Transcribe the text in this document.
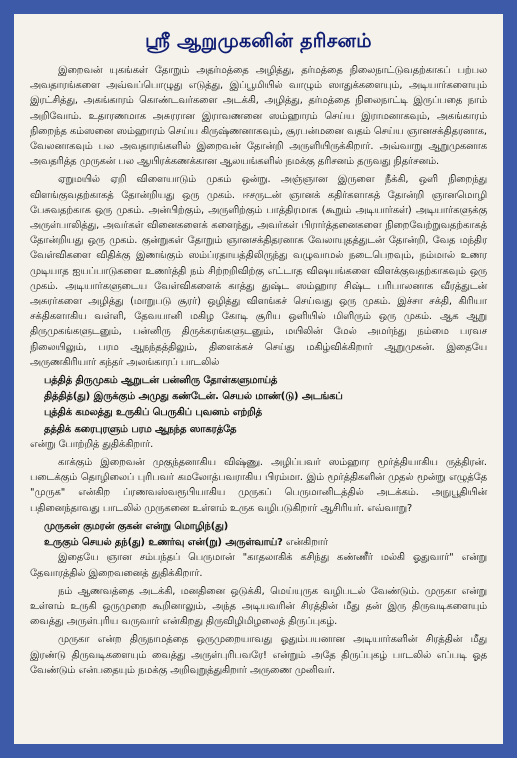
ஸ்ரீ ஆறுமுகனின் தரிசனம்

இறைவன் யுகங்கள் தோறும் அதர்மத்தை அழித்து, தர்மத்தை நிலைநாட்டுவதற்காகப் பற்பல அவதாரங்களை அவ்வப்பொழுது எடுத்து, இப்பூமியில் வாழும் ஸாதுக்களையும், அடியார்களையும் இரட்சித்து, அகங்காரம் கொண்டவர்களை அடக்கி, அழித்து, தர்மத்தை நிலைநாட்டி இருப்பதை நாம் அறிவோம். உதாரணமாக அசுரரான இராவணனை ஸம்ஹாரம் செய்ய இராமனாகவும், அகங்காரம் நிறைந்த கம்ஸனை ஸம்ஹாரம் செய்ய கிருஷ்ணனாகவும், சூரபன்மனை வதம் செய்ய ஞானசக்திதரனாக, வேலனாகவும் பல அவதாரங்களில் இறைவன் தோன்றி அருளியிருக்கிறார். அவ்வாறு ஆறுமுகனாக அவதரித்த முருகன் பல ஆயிரக்கணக்கான ஆலயங்களில் நமக்கு தரிசனம் தருவது நிதர்சனம்.

ஏறுமயில் ஏறி விளையாடும் முகம் ஒன்று. அஞ்ஞான இருளை நீக்கி, ஒளி நிறைந்து விளங்குவதற்காகத் தோன்றியது ஒரு முகம். ஈசருடன் ஞானக் கதிர்களாகத் தோன்றி ஞானமொழி பேசுவதற்காக ஒரு முகம். அன்பிற்கும், அருளிற்கும் பாத்திரமாக (கூறும் அடியார்கள்) அடியார்களுக்கு அருள்பாலித்து, அவர்கள் வினைகளைக் களைந்து, அவர்கள் பிரார்த்தனைகளை நிறைவேற்றுவதற்காகத் தோன்றியது ஒரு முகம். குன்றுகள் தோறும் ஞானசக்திதரனாக வேலாயுதத்துடன் தோன்றி, வேத மந்திர வேள்விகளை விதிக்கு இணங்கும் ஸம்ப்ரதாயத்திலிருந்து வழுவாமல் நடைபெறவும், நம்மால் உணர முடியாத ஐயப்பாடுகளை உணர்த்தி நம் சிற்றறிவிற்கு எட்டாத விஷயங்களை விளக்குவதற்காகவும் ஒரு முகம். அடியார்களுடைய வேள்விகளைக் காத்து துஷ்ட ஸம்ஹார சிஷ்ட பரிபாலனாக வீரத்துடன் அசுரர்களை அழித்து (மாறுபடு சூரர்) ஒழித்து விளங்கச் செய்வது ஒரு முகம். இச்சா சக்தி, கிரியா சக்திகளாகிய வள்ளி, தேவயானி மகிழ கோடி சூரிய ஒளியில் மிளிரும் ஒரு முகம். ஆக ஆறு திருமுகங்களுடனும், பன்னிரு திருக்கரங்களுடனும், மயிலின் மேல் அமர்ந்து நம்மை பரவச நிலையிலும், பரம ஆநந்தத்திலும், திளைக்கச் செய்து மகிழ்விக்கிறார் ஆறுமுகன். இதையே அருணகிரியார் கந்தர் அலங்காரப் பாடலில்

பத்தித் திருமுகம் ஆறுடன் பன்னிரு தோள்களுமாய்த்
தித்தித்(து) இருக்கும் அமுது கண்டேன். செயல் மாண்(டு) அடங்கப்
புத்திக் கமலத்து உருகிப் பெருகிப் புவனம் எற்றித்
தத்திக் கரைபுரளும் பரம ஆநந்த ஸாகரத்தே
என்று போற்றித் துதிக்கிறார்.

காக்கும் இறைவன் முகுந்தனாகிய விஷ்ணு. அழிப்பவர் ஸம்ஹார மூர்த்தியாகிய ருத்திரன். படைக்கும் தொழிலைப் புரிபவர் கமலோத்பவராகிய பிரம்மா. இம் மூர்த்திகளின் முதல் மூன்று எழுத்தே "முருக" என்கிற ப்ரணவஸ்வரூபியாகிய முருகப் பெருமானிடத்தில் அடக்கம். அநுபூதியின் பதினைந்தாவது பாடலில் முருகனை உள்ளம் உருக வழிபடுகிறார் ஆசிரியர். எவ்வாறு?

முருகன் குமரன் குகன் என்று மொழிந்(து)
உருகும் செயல் தந்(து) உணர்வு என்(று) அருள்வாய்? என்கிறார்

இதையே ஞான சம்பந்தப் பெருமான் "காதலாகிக் கசிந்து கண்ணீர் மல்கி ஓதுவார்" என்று தேவாரத்தில் இறைவனைத் துதிக்கிறார்.

நம் ஆணவத்தை அடக்கி, மனதினை ஒடுக்கி, மெய்யுருக வழிபடல் வேண்டும். முருகா என்று உள்ளம் உருகி ஒருமுறை கூறினாலும், அந்த அடியவரின் சிரத்தின் மீது தன் இரு திருவடிகளையும் வைத்து அருள்புரிய வருவார் என்கிறது திருவிழிமிழலைத் திருப்புகழ்.

முருகா என்ற திருநாமத்தை ஒருமுறையாவது ஓதும்பயனான அடியார்களின் சிரத்தின் மீது இரண்டு திருவடிகளையும் வைத்து அருள்புரிபவரே! என்றும் அதே திருப்புகழ் பாடலில் எப்படி ஓத வேண்டும் என்பதையும் நமக்கு அறிவுறுத்துகிறார் அருணை முனிவர்.
